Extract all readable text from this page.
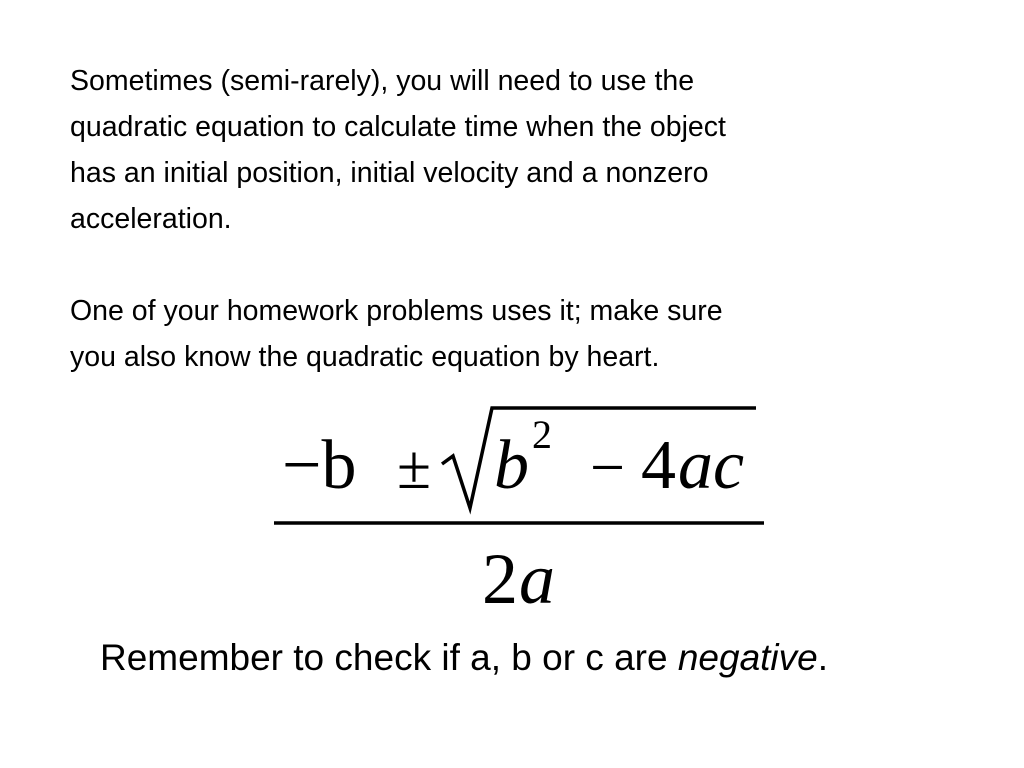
Sometimes (semi-rarely), you will need to use the
quadratic equation to calculate time when the object
has an initial position, initial velocity and a nonzero
acceleration.

One of your homework problems uses it; make sure
you also know the quadratic equation by heart.

−b ± b 2 − 4 ac
2 a

Remember to check if a, b or c are negative.
